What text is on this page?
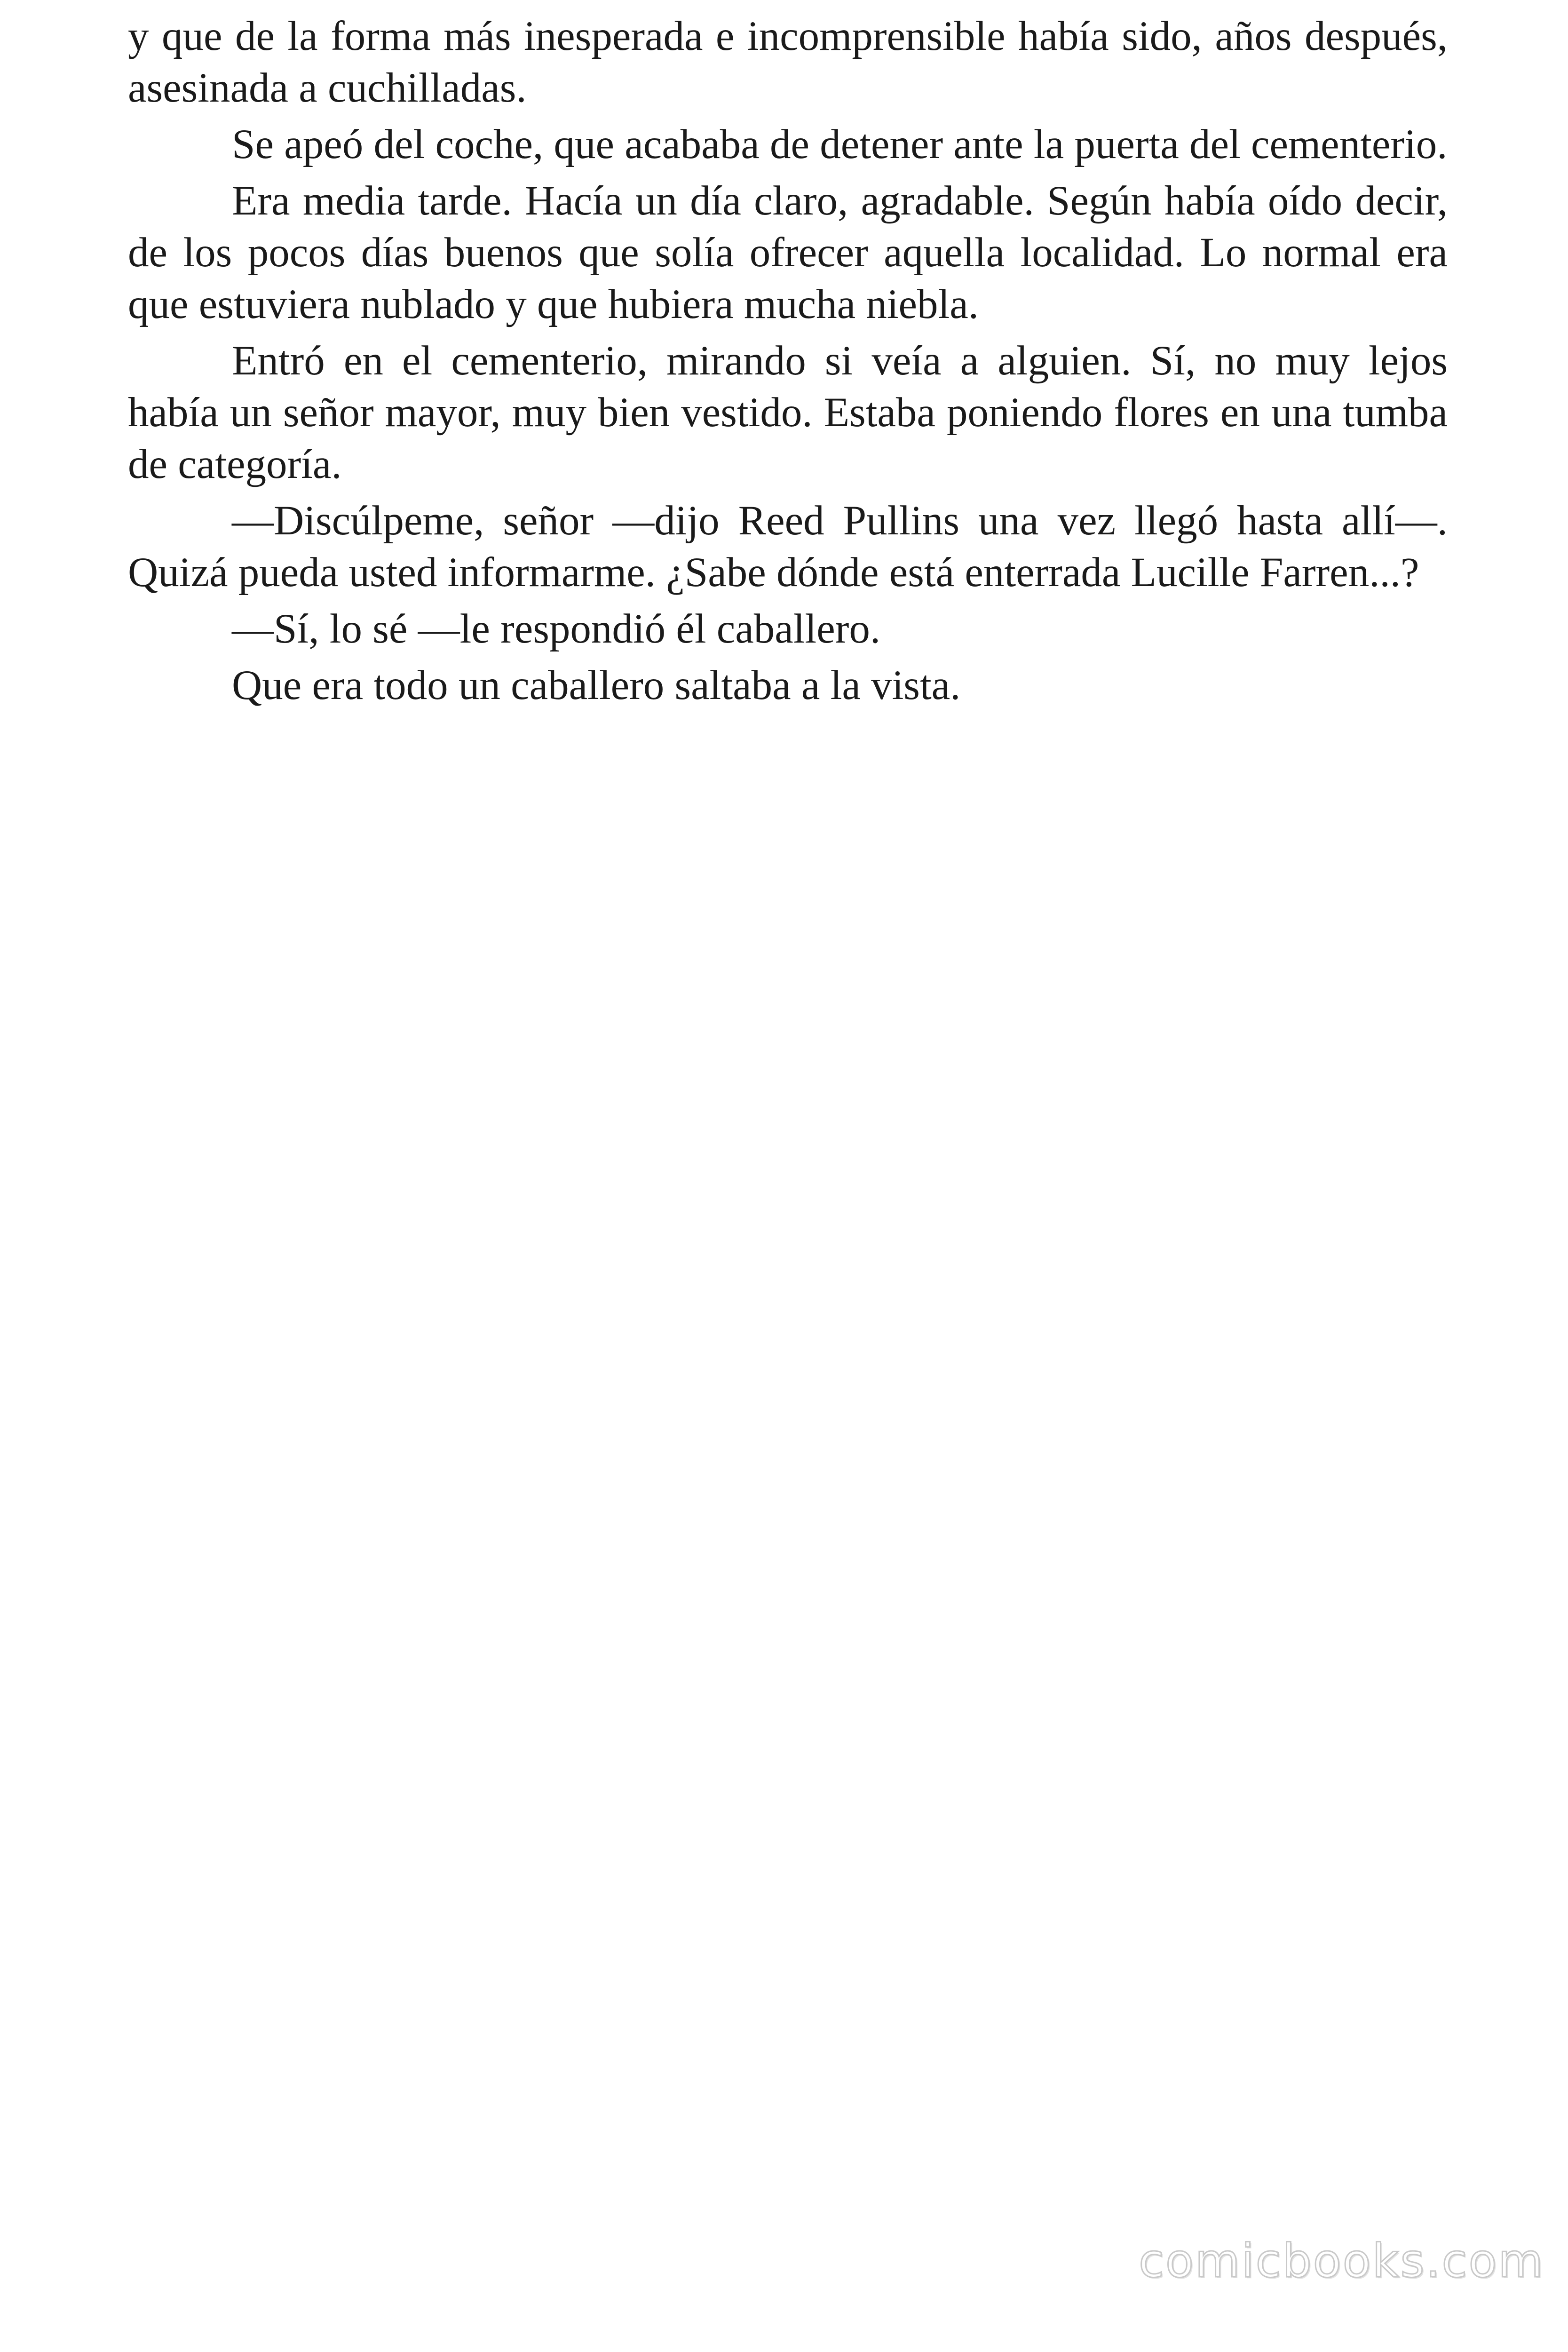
y que de la forma más inesperada e incomprensible había sido, años después, asesinada a cuchilladas.

Se apeó del coche, que acababa de detener ante la puerta del cementerio.

Era media tarde. Hacía un día claro, agradable. Según había oído decir, de los pocos días buenos que solía ofrecer aquella localidad. Lo normal era que estuviera nublado y que hubiera mucha niebla.

Entró en el cementerio, mirando si veía a alguien. Sí, no muy lejos había un señor mayor, muy bien vestido. Estaba poniendo flores en una tumba de categoría.

—Discúlpeme, señor —dijo Reed Pullins una vez llegó hasta allí—. Quizá pueda usted informarme. ¿Sabe dónde está enterrada Lucille Farren...?

—Sí, lo sé —le respondió él caballero.

Que era todo un caballero saltaba a la vista.

comicbooks.com
